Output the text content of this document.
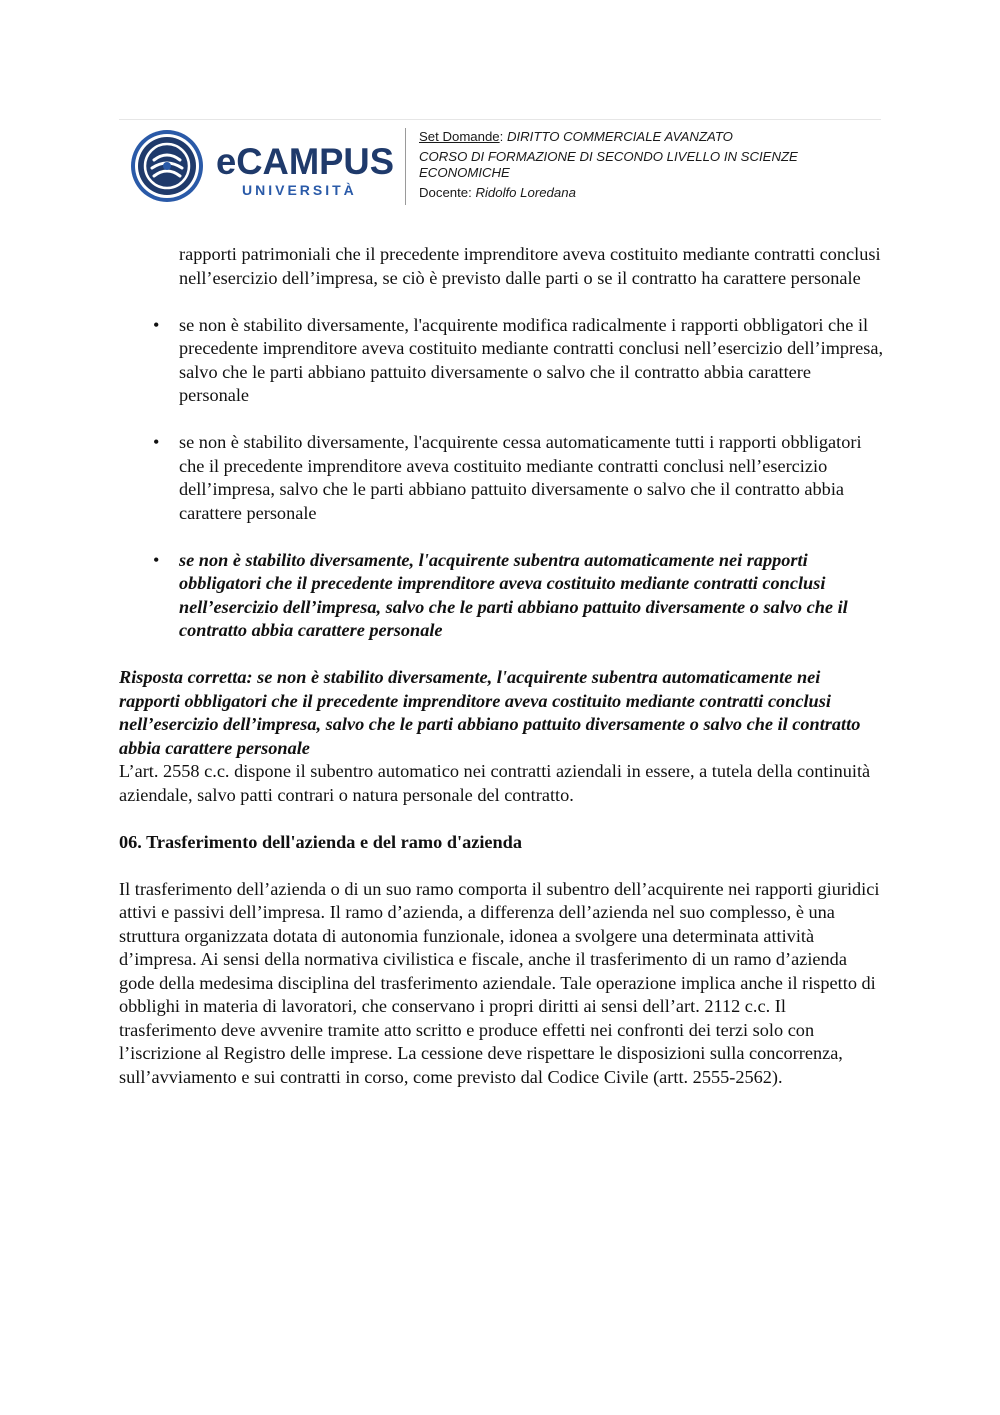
eCAMPUS
UNIVERSITÀ
Set Domande: DIRITTO COMMERCIALE AVANZATO
CORSO DI FORMAZIONE DI SECONDO LIVELLO IN SCIENZE ECONOMICHE
Docente: Ridolfo Loredana

rapporti patrimoniali che il precedente imprenditore aveva costituito mediante contratti conclusi nell’esercizio dell’impresa, se ciò è previsto dalle parti o se il contratto ha carattere personale

• se non è stabilito diversamente, l'acquirente modifica radicalmente i rapporti obbligatori che il precedente imprenditore aveva costituito mediante contratti conclusi nell’esercizio dell’impresa, salvo che le parti abbiano pattuito diversamente o salvo che il contratto abbia carattere personale
• se non è stabilito diversamente, l'acquirente cessa automaticamente tutti i rapporti obbligatori che il precedente imprenditore aveva costituito mediante contratti conclusi nell’esercizio dell’impresa, salvo che le parti abbiano pattuito diversamente o salvo che il contratto abbia carattere personale
• se non è stabilito diversamente, l'acquirente subentra automaticamente nei rapporti obbligatori che il precedente imprenditore aveva costituito mediante contratti conclusi nell’esercizio dell’impresa, salvo che le parti abbiano pattuito diversamente o salvo che il contratto abbia carattere personale

Risposta corretta: se non è stabilito diversamente, l'acquirente subentra automaticamente nei rapporti obbligatori che il precedente imprenditore aveva costituito mediante contratti conclusi nell’esercizio dell’impresa, salvo che le parti abbiano pattuito diversamente o salvo che il contratto abbia carattere personale

L’art. 2558 c.c. dispone il subentro automatico nei contratti aziendali in essere, a tutela della continuità aziendale, salvo patti contrari o natura personale del contratto.

06. Trasferimento dell'azienda e del ramo d'azienda

Il trasferimento dell’azienda o di un suo ramo comporta il subentro dell’acquirente nei rapporti giuridici attivi e passivi dell’impresa. Il ramo d’azienda, a differenza dell’azienda nel suo complesso, è una struttura organizzata dotata di autonomia funzionale, idonea a svolgere una determinata attività d’impresa. Ai sensi della normativa civilistica e fiscale, anche il trasferimento di un ramo d’azienda gode della medesima disciplina del trasferimento aziendale. Tale operazione implica anche il rispetto di obblighi in materia di lavoratori, che conservano i propri diritti ai sensi dell’art. 2112 c.c. Il trasferimento deve avvenire tramite atto scritto e produce effetti nei confronti dei terzi solo con l’iscrizione al Registro delle imprese. La cessione deve rispettare le disposizioni sulla concorrenza, sull’avviamento e sui contratti in corso, come previsto dal Codice Civile (artt. 2555-2562).
